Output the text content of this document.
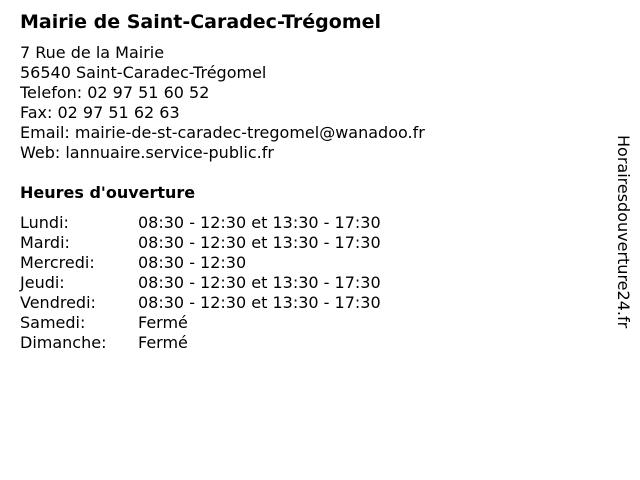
Mairie de Saint-Caradec-Trégomel
7 Rue de la Mairie
56540 Saint-Caradec-Trégomel
Telefon: 02 97 51 60 52
Fax: 02 97 51 62 63
Email: mairie-de-st-caradec-tregomel@wanadoo.fr
Web: lannuaire.service-public.fr
Heures d'ouverture
Lundi:	08:30 - 12:30 et 13:30 - 17:30
Mardi:	08:30 - 12:30 et 13:30 - 17:30
Mercredi:	08:30 - 12:30
Jeudi:	08:30 - 12:30 et 13:30 - 17:30
Vendredi:	08:30 - 12:30 et 13:30 - 17:30
Samedi:	Fermé
Dimanche: Fermé
Horairesdouverture24.fr
